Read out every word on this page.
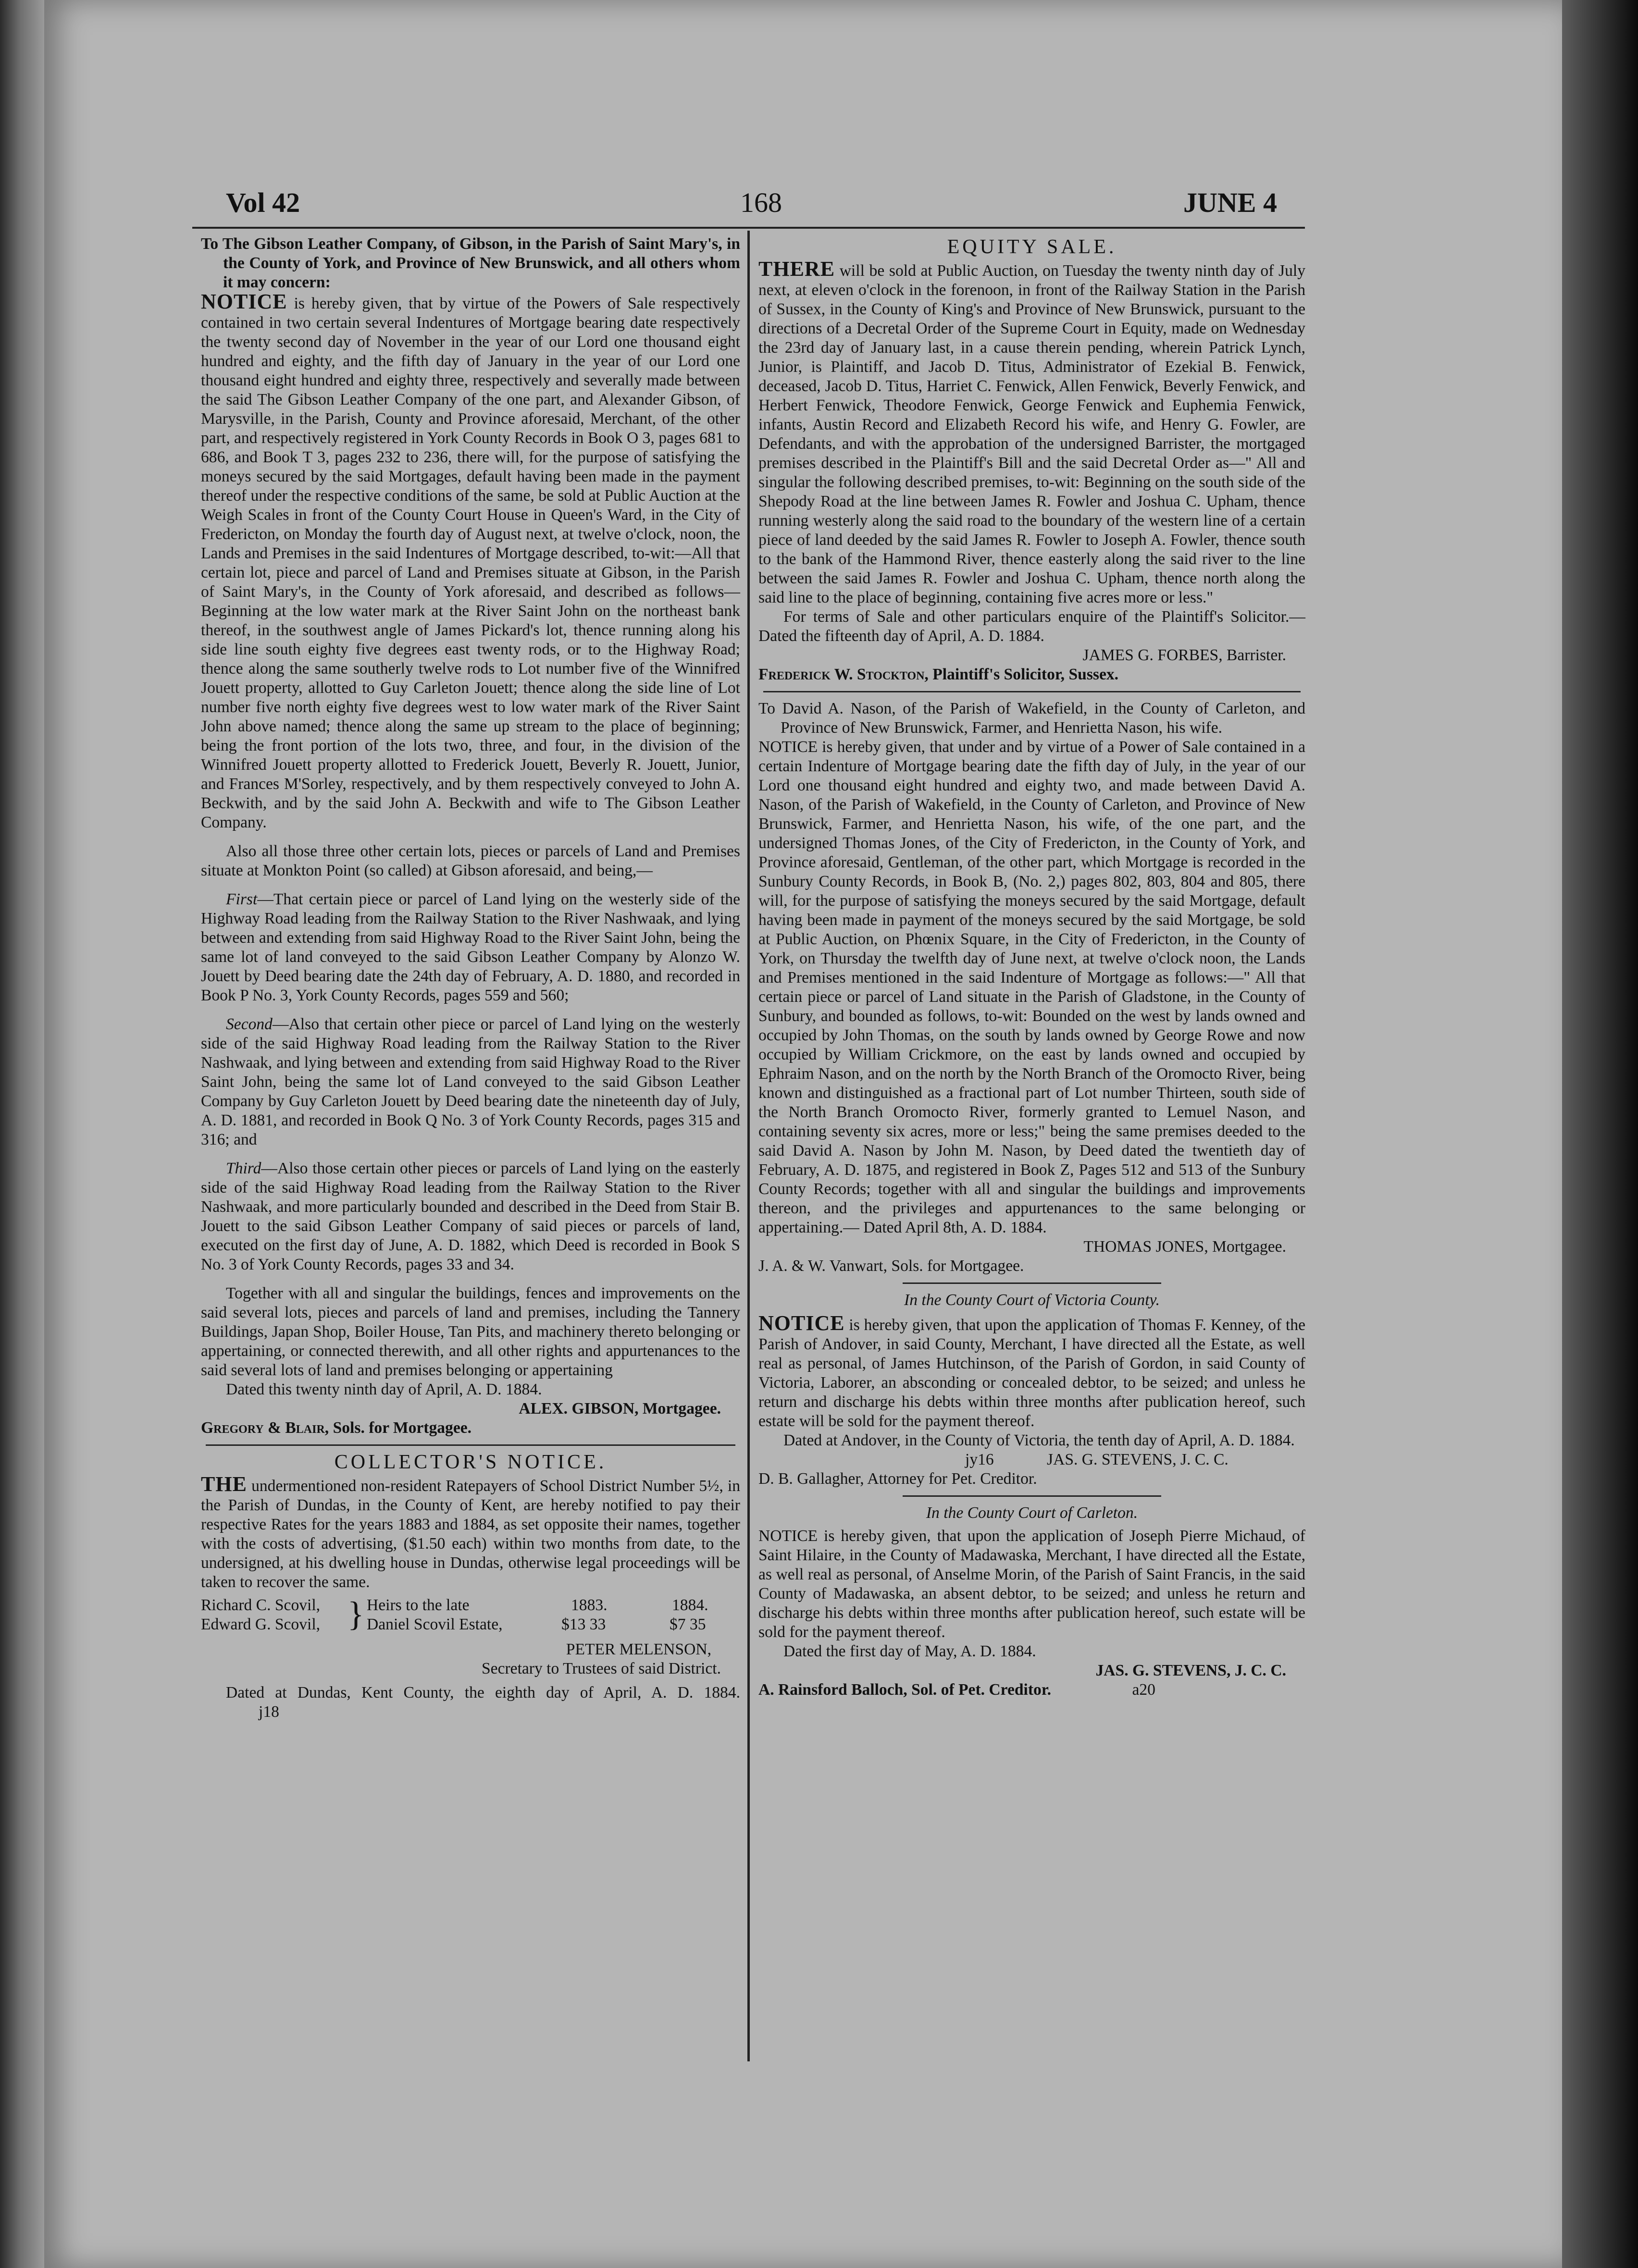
Vol 42	168	JUNE 4

To The Gibson Leather Company, of Gibson, in the Parish of Saint Mary's, in the County of York, and Province of New Brunswick, and all others whom it may concern:

NOTICE is hereby given, that by virtue of the Powers of Sale respectively contained in two certain several Indentures of Mortgage bearing date respectively the twenty second day of November in the year of our Lord one thousand eight hundred and eighty, and the fifth day of January in the year of our Lord one thousand eight hundred and eighty three, respectively and severally made between the said The Gibson Leather Company of the one part, and Alexander Gibson, of Marysville, in the Parish, County and Province aforesaid, Merchant, of the other part, and respectively registered in York County Records in Book O 3, pages 681 to 686, and Book T 3, pages 232 to 236, there will, for the purpose of satisfying the moneys secured by the said Mortgages, default having been made in the payment thereof under the respective conditions of the same, be sold at Public Auction at the Weigh Scales in front of the County Court House in Queen's Ward, in the City of Fredericton, on Monday the fourth day of August next, at twelve o'clock, noon, the Lands and Premises in the said Indentures of Mortgage described, to-wit:—All that certain lot, piece and parcel of Land and Premises situate at Gibson, in the Parish of Saint Mary's, in the County of York aforesaid, and described as follows—Beginning at the low water mark at the River Saint John on the northeast bank thereof, in the southwest angle of James Pickard's lot, thence running along his side line south eighty five degrees east twenty rods, or to the Highway Road; thence along the same southerly twelve rods to Lot number five of the Winnifred Jouett property, allotted to Guy Carleton Jouett; thence along the side line of Lot number five north eighty five degrees west to low water mark of the River Saint John above named; thence along the same up stream to the place of beginning; being the front portion of the lots two, three, and four, in the division of the Winnifred Jouett property allotted to Frederick Jouett, Beverly R. Jouett, Junior, and Frances M'Sorley, respectively, and by them respectively conveyed to John A. Beckwith, and by the said John A. Beckwith and wife to The Gibson Leather Company.

Also all those three other certain lots, pieces or parcels of Land and Premises situate at Monkton Point (so called) at Gibson aforesaid, and being,—

First—That certain piece or parcel of Land lying on the westerly side of the Highway Road leading from the Railway Station to the River Nashwaak, and lying between and extending from said Highway Road to the River Saint John, being the same lot of land conveyed to the said Gibson Leather Company by Alonzo W. Jouett by Deed bearing date the 24th day of February, A. D. 1880, and recorded in Book P No. 3, York County Records, pages 559 and 560;

Second—Also that certain other piece or parcel of Land lying on the westerly side of the said Highway Road leading from the Railway Station to the River Nashwaak, and lying between and extending from said Highway Road to the River Saint John, being the same lot of Land conveyed to the said Gibson Leather Company by Guy Carleton Jouett by Deed bearing date the nineteenth day of July, A. D. 1881, and recorded in Book Q No. 3 of York County Records, pages 315 and 316; and

Third—Also those certain other pieces or parcels of Land lying on the easterly side of the said Highway Road leading from the Railway Station to the River Nashwaak, and more particularly bounded and described in the Deed from Stair B. Jouett to the said Gibson Leather Company of said pieces or parcels of land, executed on the first day of June, A. D. 1882, which Deed is recorded in Book S No. 3 of York County Records, pages 33 and 34.

Together with all and singular the buildings, fences and improvements on the said several lots, pieces and parcels of land and premises, including the Tannery Buildings, Japan Shop, Boiler House, Tan Pits, and machinery thereto belonging or appertaining, or connected therewith, and all other rights and appurtenances to the said several lots of land and premises belonging or appertaining

Dated this twenty ninth day of April, A. D. 1884.

ALEX. GIBSON, Mortgagee.

Gregory & Blair, Sols. for Mortgagee.

COLLECTOR'S NOTICE.

THE undermentioned non-resident Ratepayers of School District Number 5½, in the Parish of Dundas, in the County of Kent, are hereby notified to pay their respective Rates for the years 1883 and 1884, as set opposite their names, together with the costs of advertising, ($1.50 each) within two months from date, to the undersigned, at his dwelling house in Dundas, otherwise legal proceedings will be taken to recover the same.

Richard C. Scovil,
Edward G. Scovil, } Heirs to the late
Daniel Scovil Estate,
1883.	1884.
$13 33	$7 35

PETER MELENSON,

Secretary to Trustees of said District.

Dated at Dundas, Kent County, the eighth day of April, A. D. 1884. j18

EQUITY SALE.

THERE will be sold at Public Auction, on Tuesday the twenty ninth day of July next, at eleven o'clock in the forenoon, in front of the Railway Station in the Parish of Sussex, in the County of King's and Province of New Brunswick, pursuant to the directions of a Decretal Order of the Supreme Court in Equity, made on Wednesday the 23rd day of January last, in a cause therein pending, wherein Patrick Lynch, Junior, is Plaintiff, and Jacob D. Titus, Administrator of Ezekial B. Fenwick, deceased, Jacob D. Titus, Harriet C. Fenwick, Allen Fenwick, Beverly Fenwick, and Herbert Fenwick, Theodore Fenwick, George Fenwick and Euphemia Fenwick, infants, Austin Record and Elizabeth Record his wife, and Henry G. Fowler, are Defendants, and with the approbation of the undersigned Barrister, the mortgaged premises described in the Plaintiff's Bill and the said Decretal Order as—" All and singular the following described premises, to-wit: Beginning on the south side of the Shepody Road at the line between James R. Fowler and Joshua C. Upham, thence running westerly along the said road to the boundary of the western line of a certain piece of land deeded by the said James R. Fowler to Joseph A. Fowler, thence south to the bank of the Hammond River, thence easterly along the said river to the line between the said James R. Fowler and Joshua C. Upham, thence north along the said line to the place of beginning, containing five acres more or less."

For terms of Sale and other particulars enquire of the Plaintiff's Solicitor.—Dated the fifteenth day of April, A. D. 1884.

JAMES G. FORBES, Barrister.

Frederick W. Stockton, Plaintiff's Solicitor, Sussex.

To David A. Nason, of the Parish of Wakefield, in the County of Carleton, and Province of New Brunswick, Farmer, and Henrietta Nason, his wife.

NOTICE is hereby given, that under and by virtue of a Power of Sale contained in a certain Indenture of Mortgage bearing date the fifth day of July, in the year of our Lord one thousand eight hundred and eighty two, and made between David A. Nason, of the Parish of Wakefield, in the County of Carleton, and Province of New Brunswick, Farmer, and Henrietta Nason, his wife, of the one part, and the undersigned Thomas Jones, of the City of Fredericton, in the County of York, and Province aforesaid, Gentleman, of the other part, which Mortgage is recorded in the Sunbury County Records, in Book B, (No. 2,) pages 802, 803, 804 and 805, there will, for the purpose of satisfying the moneys secured by the said Mortgage, default having been made in payment of the moneys secured by the said Mortgage, be sold at Public Auction, on Phœnix Square, in the City of Fredericton, in the County of York, on Thursday the twelfth day of June next, at twelve o'clock noon, the Lands and Premises mentioned in the said Indenture of Mortgage as follows:—" All that certain piece or parcel of Land situate in the Parish of Gladstone, in the County of Sunbury, and bounded as follows, to-wit: Bounded on the west by lands owned and occupied by John Thomas, on the south by lands owned by George Rowe and now occupied by William Crickmore, on the east by lands owned and occupied by Ephraim Nason, and on the north by the North Branch of the Oromocto River, being known and distinguished as a fractional part of Lot number Thirteen, south side of the North Branch Oromocto River, formerly granted to Lemuel Nason, and containing seventy six acres, more or less;" being the same premises deeded to the said David A. Nason by John M. Nason, by Deed dated the twentieth day of February, A. D. 1875, and registered in Book Z, Pages 512 and 513 of the Sunbury County Records; together with all and singular the buildings and improvements thereon, and the privileges and appurtenances to the same belonging or appertaining.— Dated April 8th, A. D. 1884.

THOMAS JONES, Mortgagee.

J. A. & W. Vanwart, Sols. for Mortgagee.

In the County Court of Victoria County.

NOTICE is hereby given, that upon the application of Thomas F. Kenney, of the Parish of Andover, in said County, Merchant, I have directed all the Estate, as well real as personal, of James Hutchinson, of the Parish of Gordon, in said County of Victoria, Laborer, an absconding or concealed debtor, to be seized; and unless he return and discharge his debts within three months after publication hereof, such estate will be sold for the payment thereof.

Dated at Andover, in the County of Victoria, the tenth day of April, A. D. 1884.

jy16	JAS. G. STEVENS, J. C. C.

D. B. Gallagher, Attorney for Pet. Creditor.

In the County Court of Carleton.

NOTICE is hereby given, that upon the application of Joseph Pierre Michaud, of Saint Hilaire, in the County of Madawaska, Merchant, I have directed all the Estate, as well real as personal, of Anselme Morin, of the Parish of Saint Francis, in the said County of Madawaska, an absent debtor, to be seized; and unless he return and discharge his debts within three months after publication hereof, such estate will be sold for the payment thereof.

Dated the first day of May, A. D. 1884.

JAS. G. STEVENS, J. C. C.

A. Rainsford Balloch, Sol. of Pet. Creditor.	a20
